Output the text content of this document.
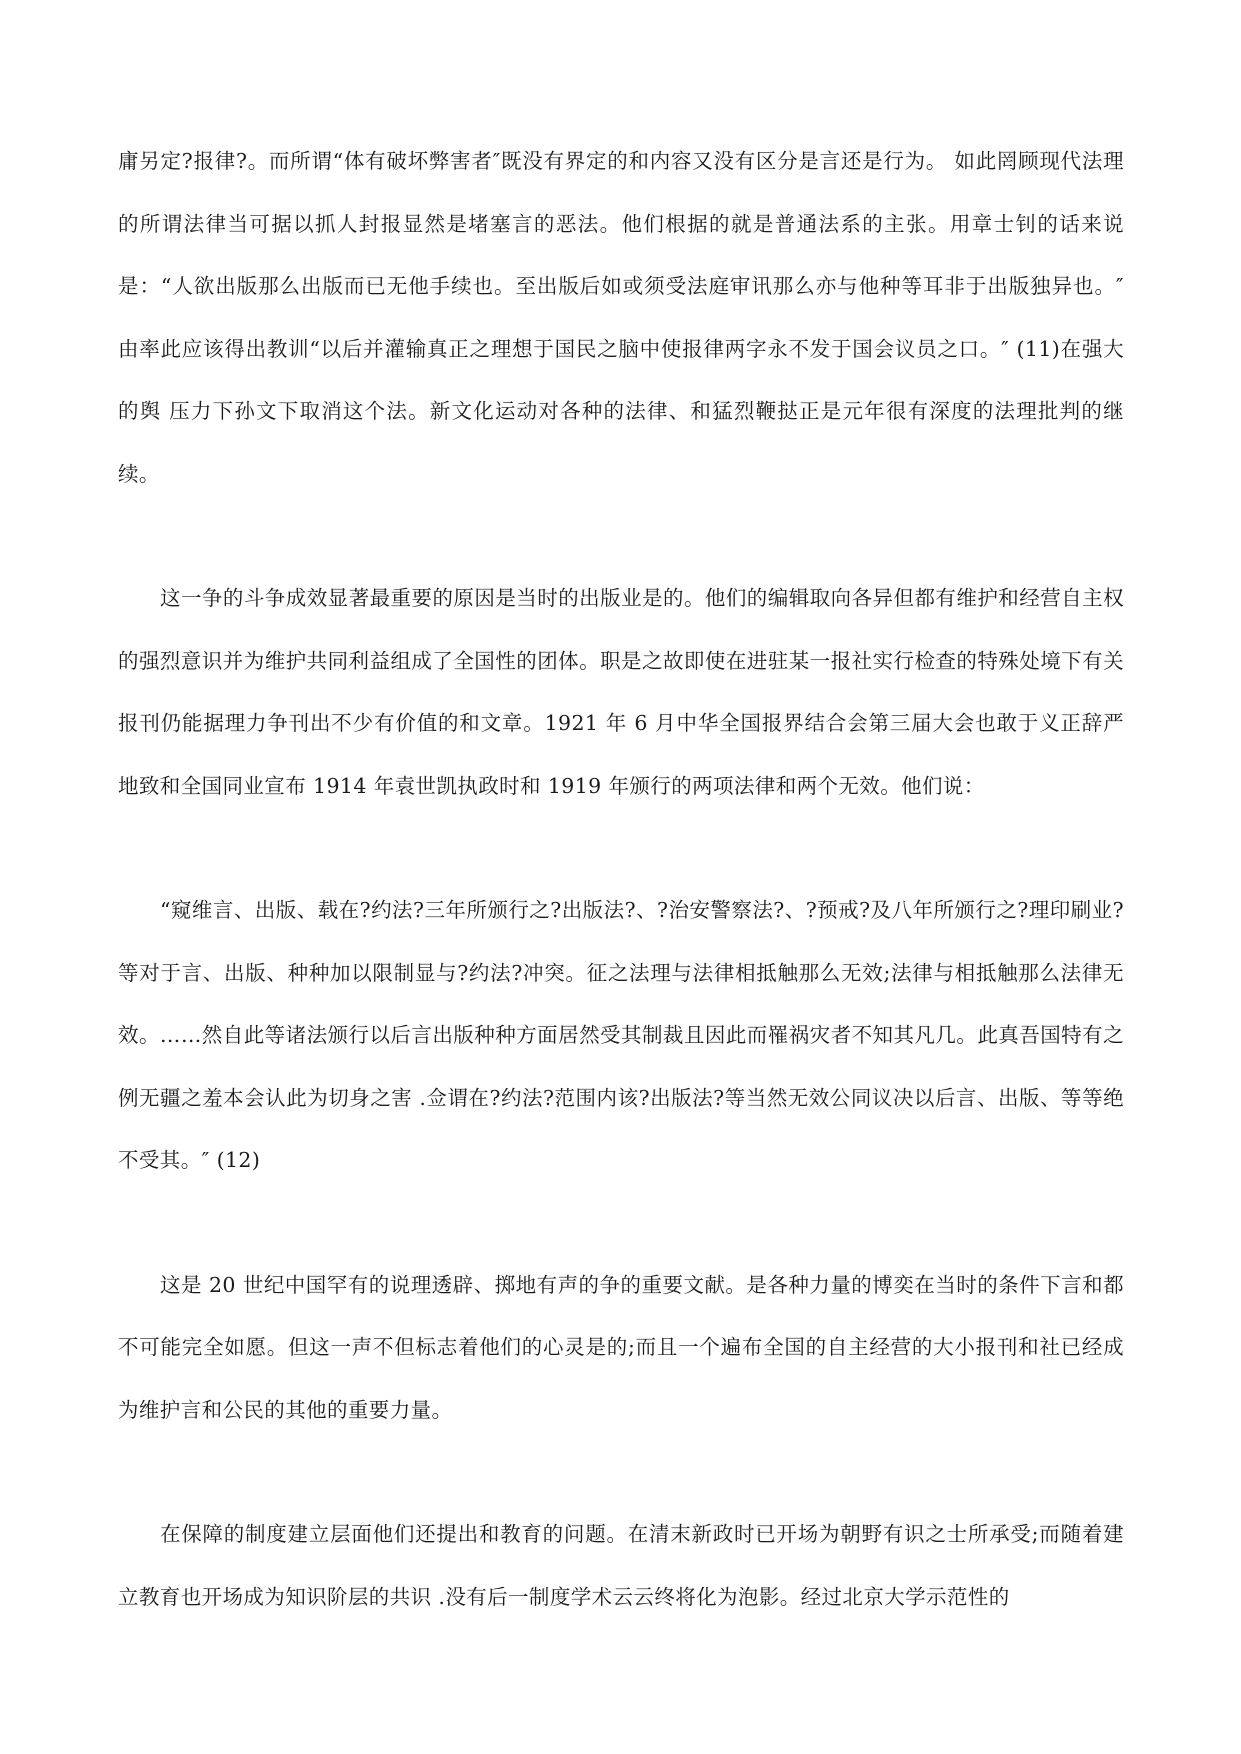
庸另定?报律?。而所谓“体有破坏弊害者″既没有界定的和内容又没有区分是言还是行为。 如此罔顾现代法理的所谓法律当可据以抓人封报显然是堵塞言的恶法。他们根据的就是普通法系的主张。用章士钊的话来说是：“人欲出版那么出版而已无他手续也。至出版后如或须受法庭审讯那么亦与他种等耳非于出版独异也。″ 由率此应该得出教训“以后并灌输真正之理想于国民之脑中使报律两字永不发于国会议员之口。″ (11)在强大的舆 压力下孙文下取消这个法。新文化运动对各种的法律、和猛烈鞭挞正是元年很有深度的法理批判的继续。

这一争的斗争成效显著最重要的原因是当时的出版业是的。他们的编辑取向各异但都有维护和经营自主权的强烈意识并为维护共同利益组成了全国性的团体。职是之故即使在进驻某一报社实行检查的特殊处境下有关报刊仍能据理力争刊出不少有价值的和文章。1921 年 6 月中华全国报界结合会第三届大会也敢于义正辞严地致和全国同业宣布 1914 年袁世凯执政时和 1919 年颁行的两项法律和两个无效。他们说：

“窥维言、出版、载在?约法?三年所颁行之?出版法?、?治安警察法?、?预戒?及八年所颁行之?理印刷业?等对于言、出版、种种加以限制显与?约法?冲突。征之法理与法律相抵触那么无效;法律与相抵触那么法律无效。……然自此等诸法颁行以后言出版种种方面居然受其制裁且因此而罹祸灾者不知其凡几。此真吾国特有之例无疆之羞本会认此为切身之害 .佥谓在?约法?范围内该?出版法?等当然无效公同议决以后言、出版、等等绝不受其。″ (12)

这是 20 世纪中国罕有的说理透辟、掷地有声的争的重要文献。是各种力量的博奕在当时的条件下言和都不可能完全如愿。但这一声不但标志着他们的心灵是的;而且一个遍布全国的自主经营的大小报刊和社已经成为维护言和公民的其他的重要力量。

在保障的制度建立层面他们还提出和教育的问题。在清末新政时已开场为朝野有识之士所承受;而随着建立教育也开场成为知识阶层的共识 .没有后一制度学术云云终将化为泡影。经过北京大学示范性的
